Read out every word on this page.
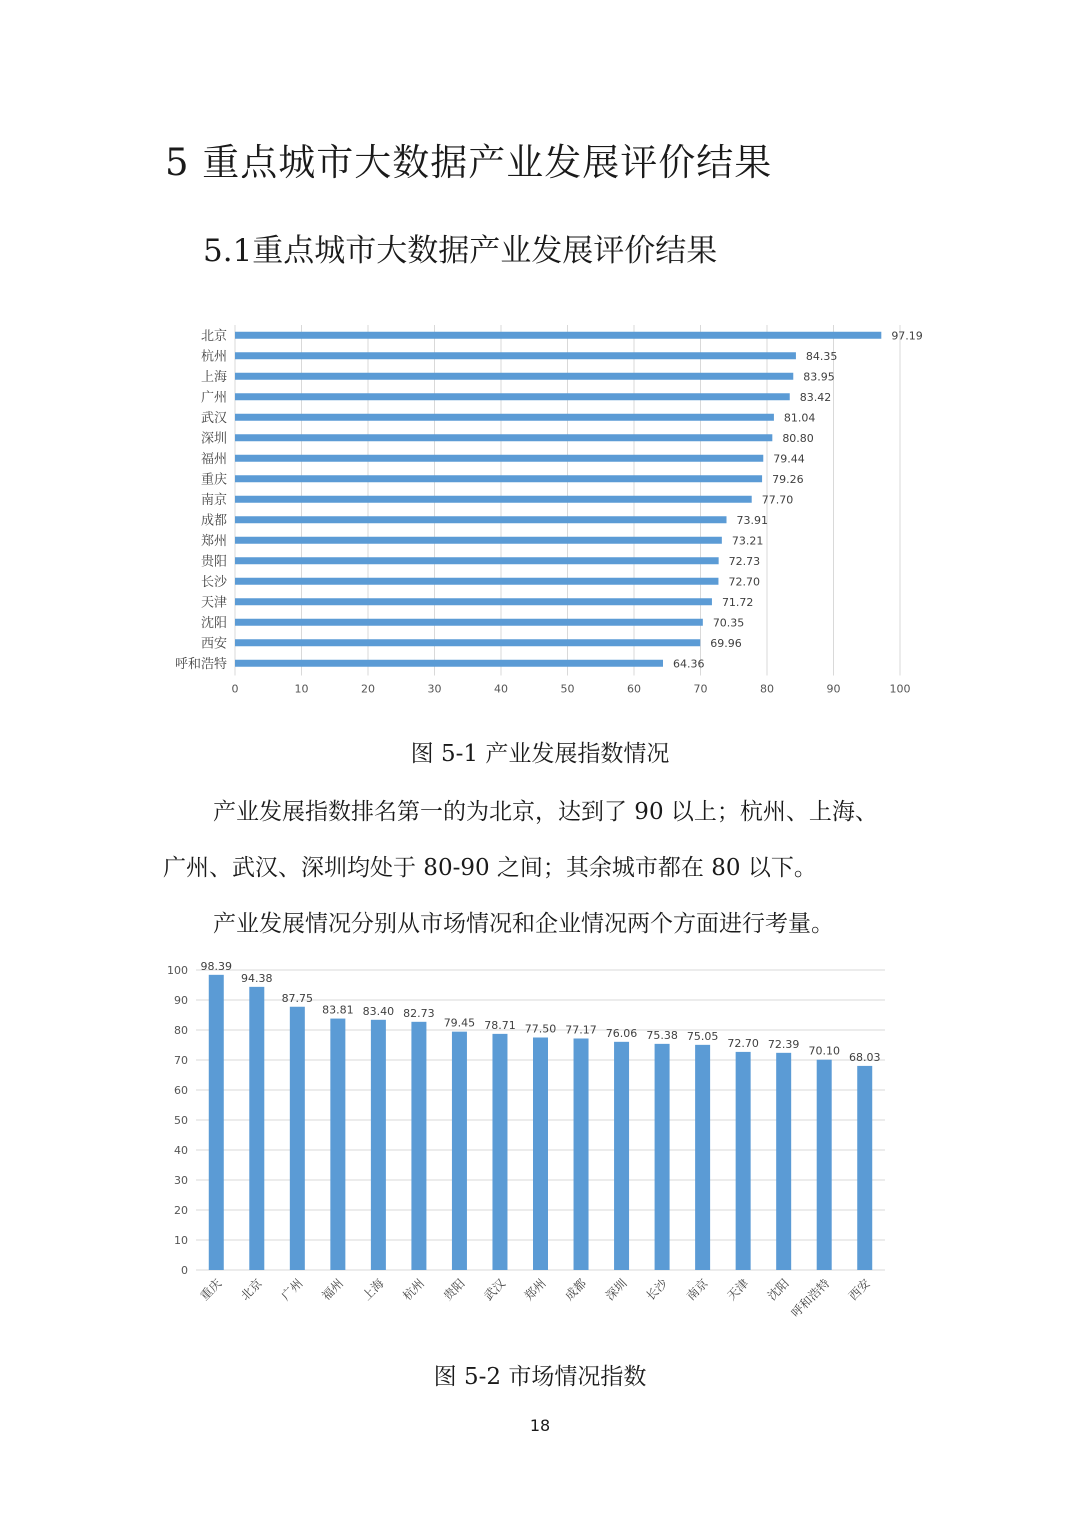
5 重点城市大数据产业发展评价结果
5.1重点城市大数据产业发展评价结果
0	10	20	30	40	50	60	70	80	90	100
北京	97.19
杭州	84.35
上海	83.95
广州	83.42
武汉	81.04
深圳	80.80
福州	79.44
重庆	79.26
南京	77.70
成都	73.91
郑州	73.21
贵阳	72.73
长沙	72.70
天津	71.72
沈阳	70.35
西安	69.96
呼和浩特	64.36
图 5-1 产业发展指数情况
产业发展指数排名第一的为北京，达到了 90 以上；杭州、上海、
广州、武汉、深圳均处于 80-90 之间；其余城市都在 80 以下。
产业发展情况分别从市场情况和企业情况两个方面进行考量。
0
10
20
30
40
50
60
70
80
90
100 98.39
重庆
94.38
北京
87.75
广州
83.81
福州
83.40
上海
82.73
杭州
79.45
贵阳
78.71
武汉
77.50
郑州
77.17
成都
76.06
深圳
75.38
长沙
75.05
南京
72.70
天津
72.39
沈阳
70.10
呼和浩特
68.03
西安
图 5-2 市场情况指数
18
